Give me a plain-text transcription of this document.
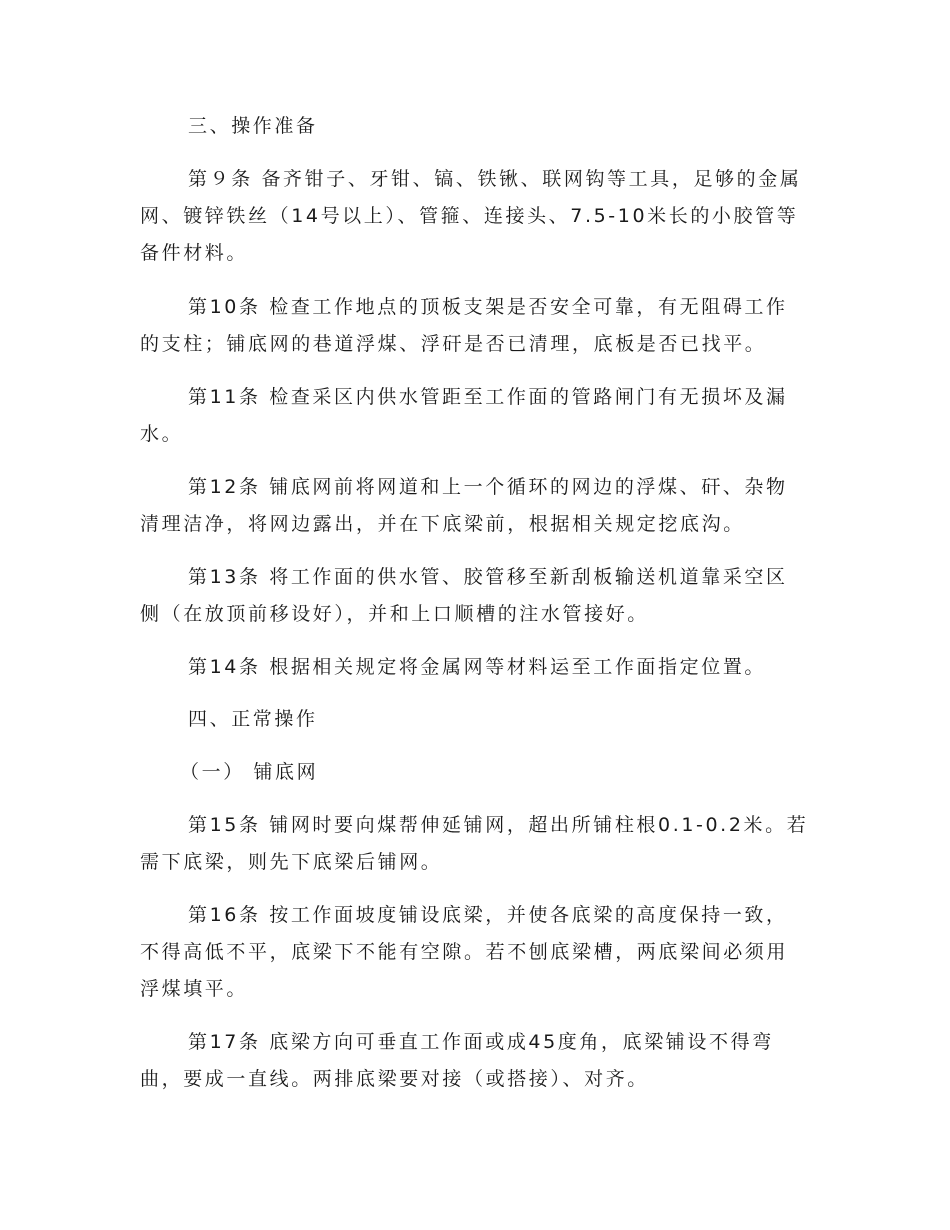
三、操作准备
第９条 备齐钳子、牙钳、镐、铁锹、联网钩等工具，足够的金属
网、镀锌铁丝（14号以上）、管箍、连接头、7.5-10米长的小胶管等
备件材料。
第10条 检查工作地点的顶板支架是否安全可靠，有无阻碍工作
的支柱；铺底网的巷道浮煤、浮矸是否已清理，底板是否已找平。
第11条 检查采区内供水管距至工作面的管路闸门有无损坏及漏
水。
第12条 铺底网前将网道和上一个循环的网边的浮煤、矸、杂物
清理洁净，将网边露出，并在下底梁前，根据相关规定挖底沟。
第13条 将工作面的供水管、胶管移至新刮板输送机道靠采空区
侧（在放顶前移设好），并和上口顺槽的注水管接好。
第14条 根据相关规定将金属网等材料运至工作面指定位置。
四、正常操作
（一） 铺底网
第15条 铺网时要向煤帮伸延铺网，超出所铺柱根0.1-0.2米。若
需下底梁，则先下底梁后铺网。
第16条 按工作面坡度铺设底梁，并使各底梁的高度保持一致，
不得高低不平，底梁下不能有空隙。若不刨底梁槽，两底梁间必须用
浮煤填平。
第17条 底梁方向可垂直工作面或成45度角，底梁铺设不得弯
曲，要成一直线。两排底梁要对接（或搭接）、对齐。
